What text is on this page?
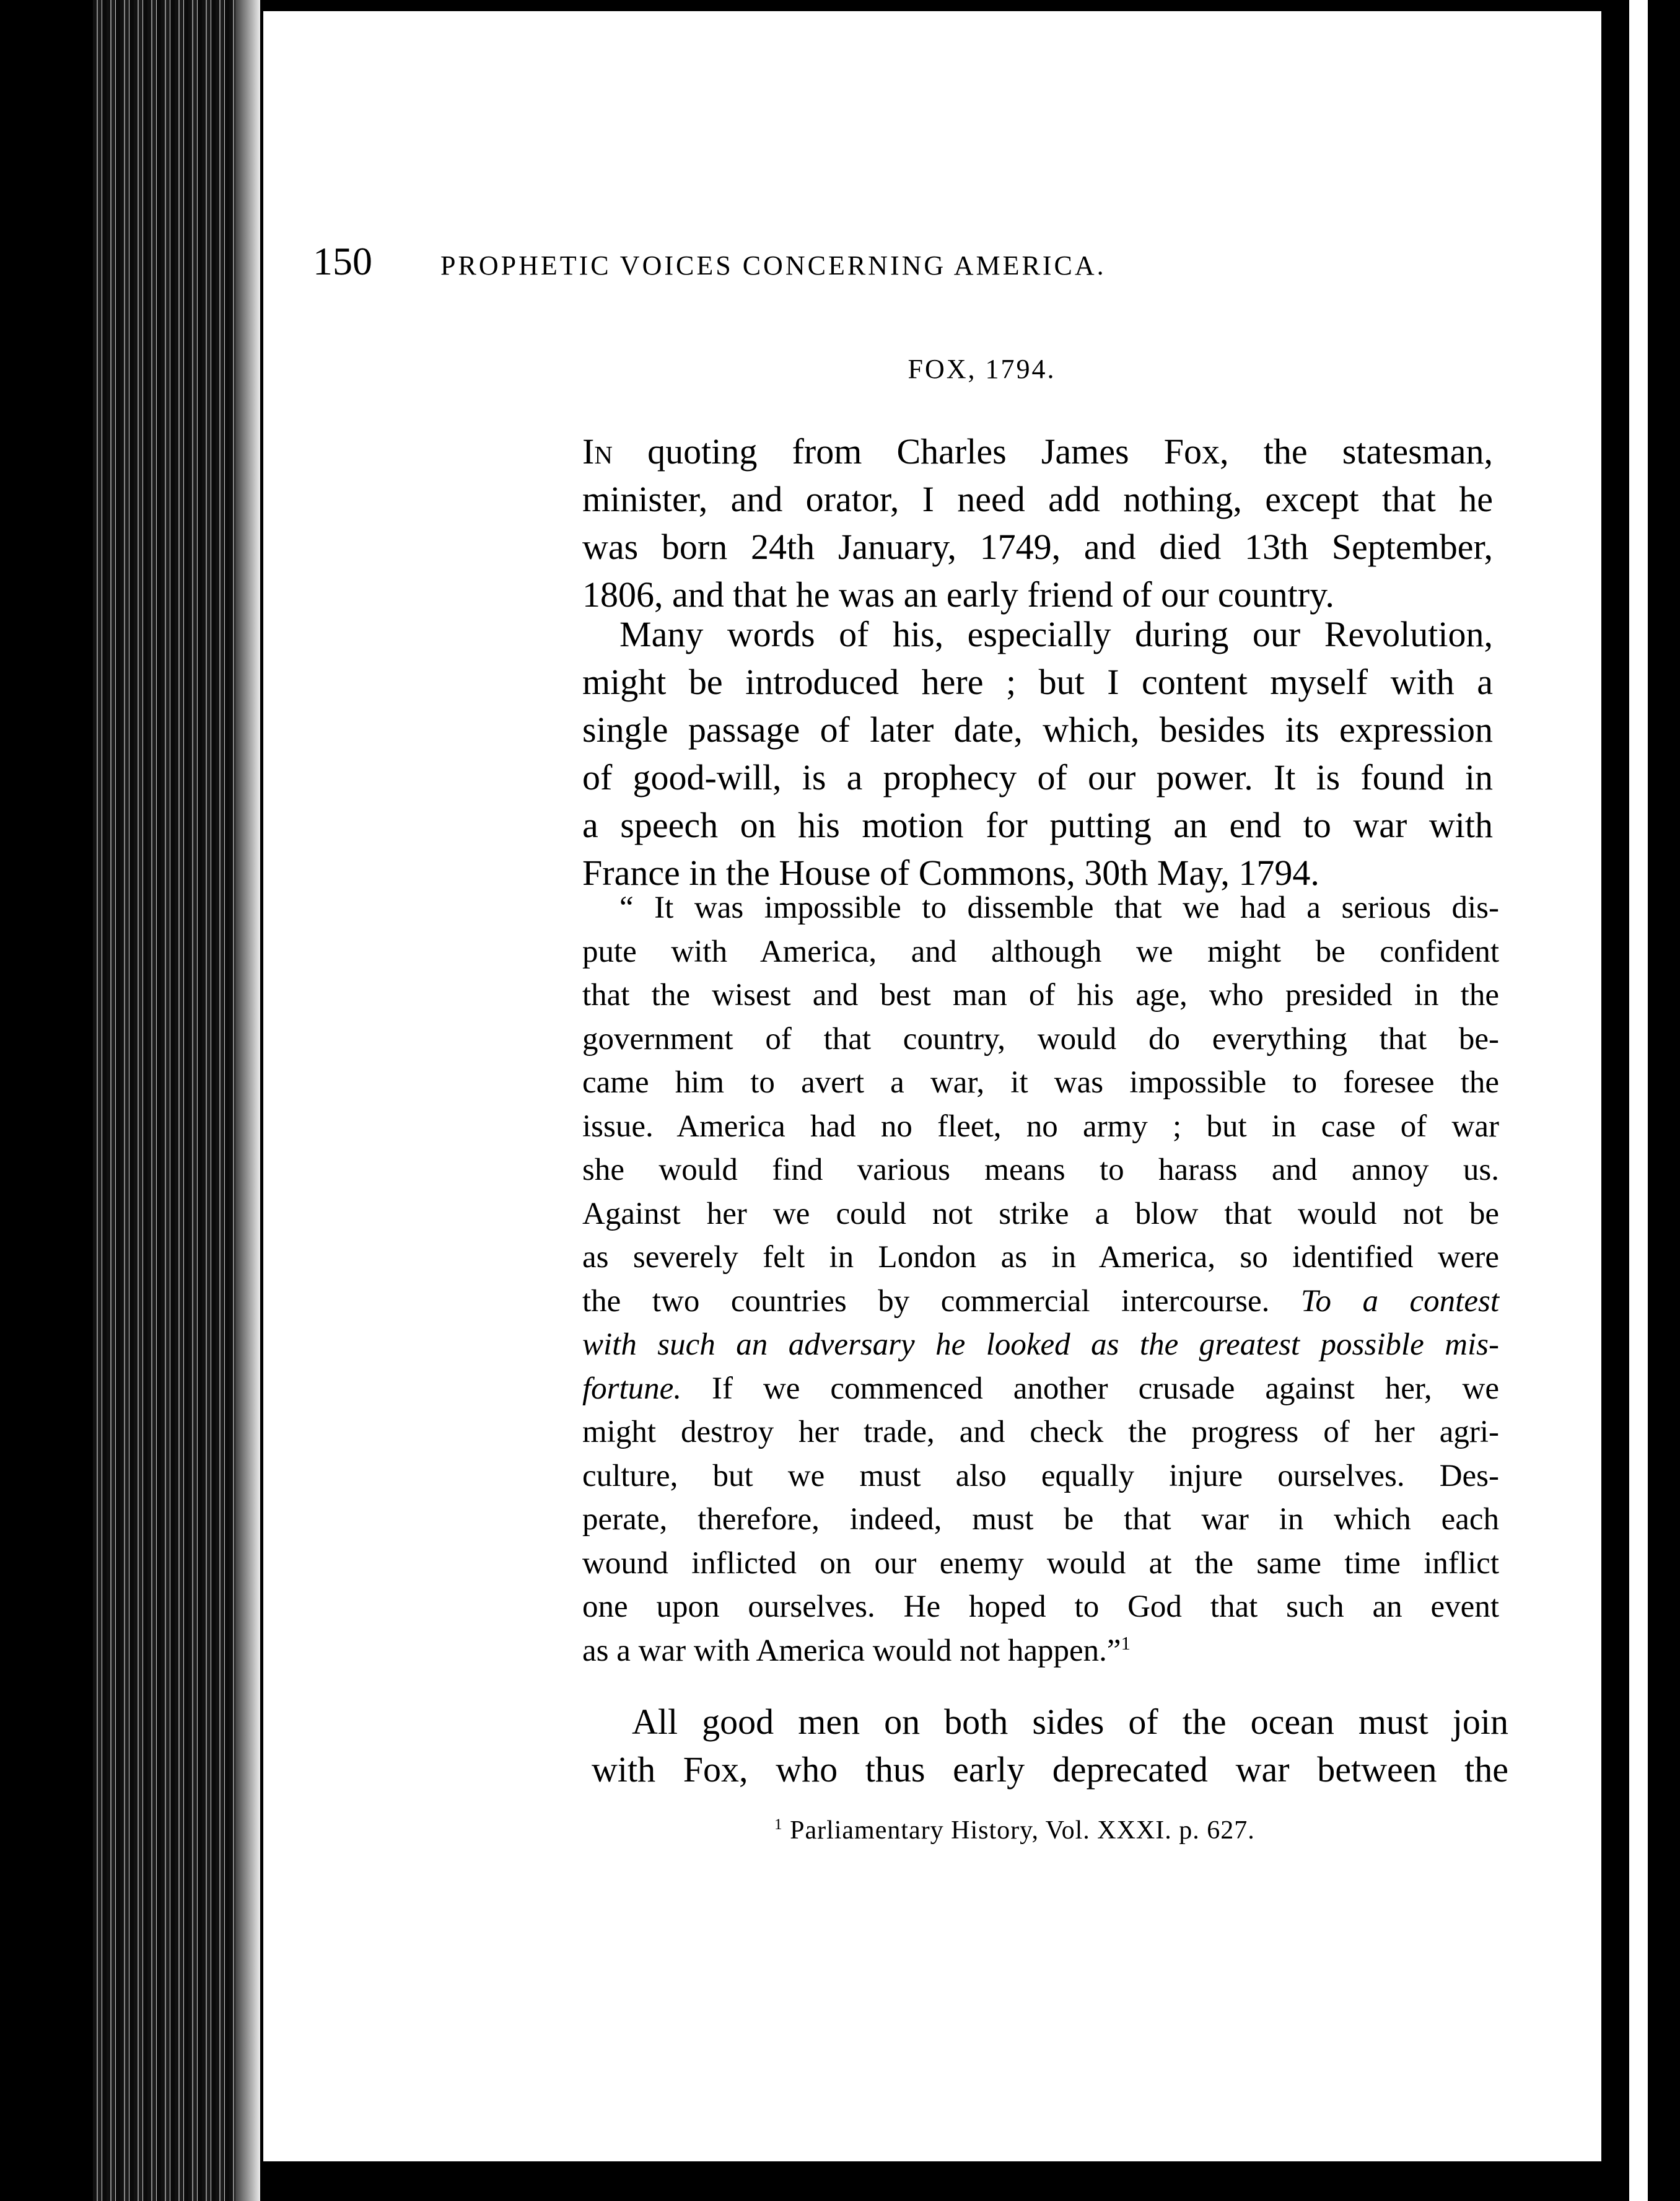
150	PROPHETIC VOICES CONCERNING AMERICA.
FOX, 1794.

In quoting from Charles James Fox, the statesman,
minister, and orator, I need add nothing, except that he
was born 24th January, 1749, and died 13th September,
1806, and that he was an early friend of our country.

Many words of his, especially during our Revolution,
might be introduced here ; but I content myself with a
single passage of later date, which, besides its expression
of good-will, is a prophecy of our power. It is found in
a speech on his motion for putting an end to war with
France in the House of Commons, 30th May, 1794.

“ It was impossible to dissemble that we had a serious dis-
pute with America, and although we might be confident
that the wisest and best man of his age, who presided in the
government of that country, would do everything that be-
came him to avert a war, it was impossible to foresee the
issue. America had no fleet, no army ; but in case of war
she would find various means to harass and annoy us.
Against her we could not strike a blow that would not be
as severely felt in London as in America, so identified were
the two countries by commercial intercourse. To a contest
with such an adversary he looked as the greatest possible mis-
fortune. If we commenced another crusade against her, we
might destroy her trade, and check the progress of her agri-
culture, but we must also equally injure ourselves. Des-
perate, therefore, indeed, must be that war in which each
wound inflicted on our enemy would at the same time inflict
one upon ourselves. He hoped to God that such an event
as a war with America would not happen.”$^1$

All good men on both sides of the ocean must join
with Fox, who thus early deprecated war between the

$^1$ Parliamentary History, Vol. XXXI. p. 627.
